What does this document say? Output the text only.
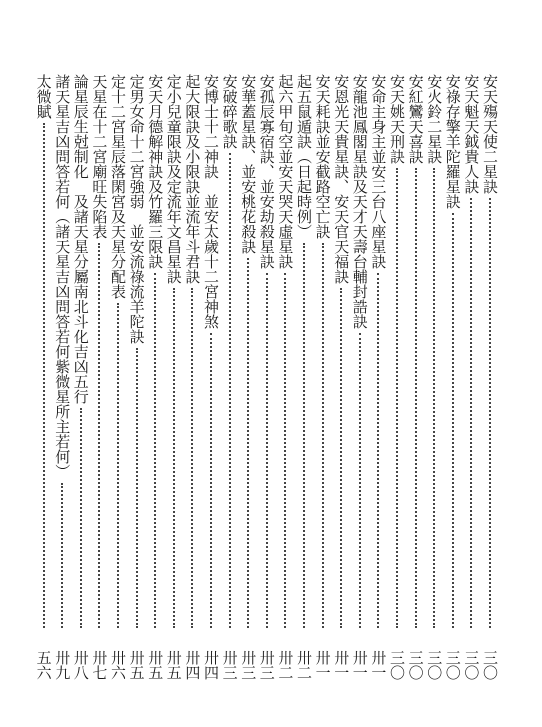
安天殤天使二星訣
三〇
安天魁天鉞貴人訣
三〇
安祿存擎羊陀羅星訣
三〇
安火鈴二星訣
三〇
安紅鸞天喜訣
三〇
安天姚天刑訣
三〇
安命主身主並安三台八座星訣
卅一
安龍池鳳閣星訣及天才天壽台輔封誥訣
卅一
安恩光天貴星訣、安天官天福訣
卅一
安天耗訣並安截路空亡訣
卅一
起五鼠遁訣（日起時例）
卅二
起六甲旬空並安天哭天虛星訣
卅二
安孤辰寡宿訣、並安劫殺星訣
卅三
安華蓋星訣、並安桃花殺訣
卅三
安破碎歌訣
卅三
安博士十二神訣　並安太歲十二宮神煞
卅四
起大限訣及小限訣並流年斗君訣
卅四
定小兒童限訣及定流年文昌星訣
卅五
安天月德解神訣及竹羅三限訣
卅五
定男女命十二宮強弱　並安流祿流羊陀訣
卅五
定十二宮星辰落閑宮及天星分配表
卅六
天星在十二宮廟旺失陷表
卅七
論星辰生尅制化　及諸天星分屬南北斗化吉凶五行
卅八
諸天星吉凶問答若何（諸天星吉凶問答若何紫微星所主若何）
卅九
太微賦
五六
